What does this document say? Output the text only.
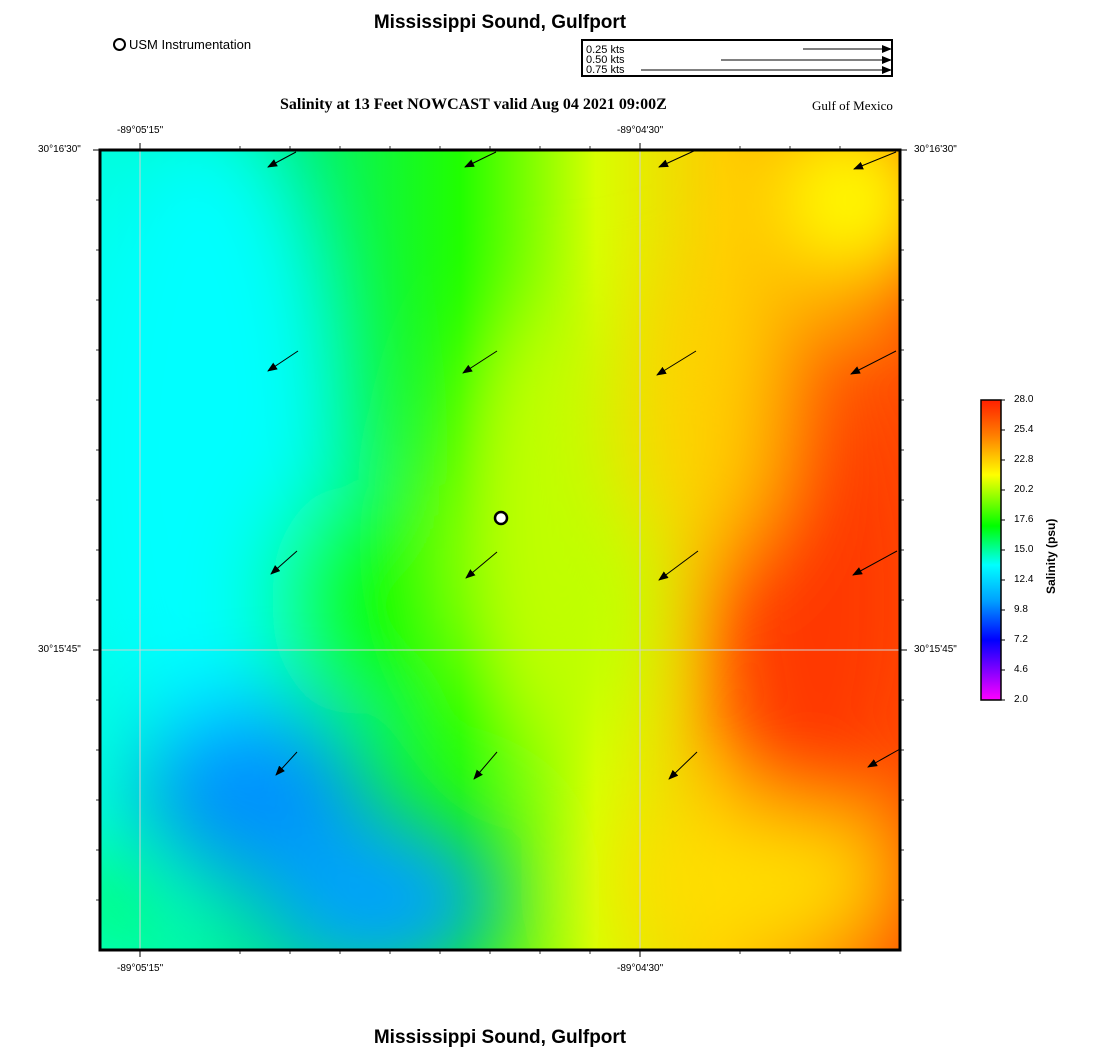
Mississippi Sound, Gulfport
Salinity at 13 Feet NOWCAST valid Aug 04 2021 09:00Z	Gulf of Mexico
Mississippi Sound, Gulfport
USM Instrumentation	0.25 kts
0.50 kts
0.75 kts
-89°05'15"	-89°04'30"
-89°05'15"	-89°04'30"
30°16'30"
30°15'45"
30°16'30"
30°15'45"
28.0
25.4
22.8
20.2
17.6
15.0
12.4
9.8
7.2
4.6
2.0
Salinity (psu)
